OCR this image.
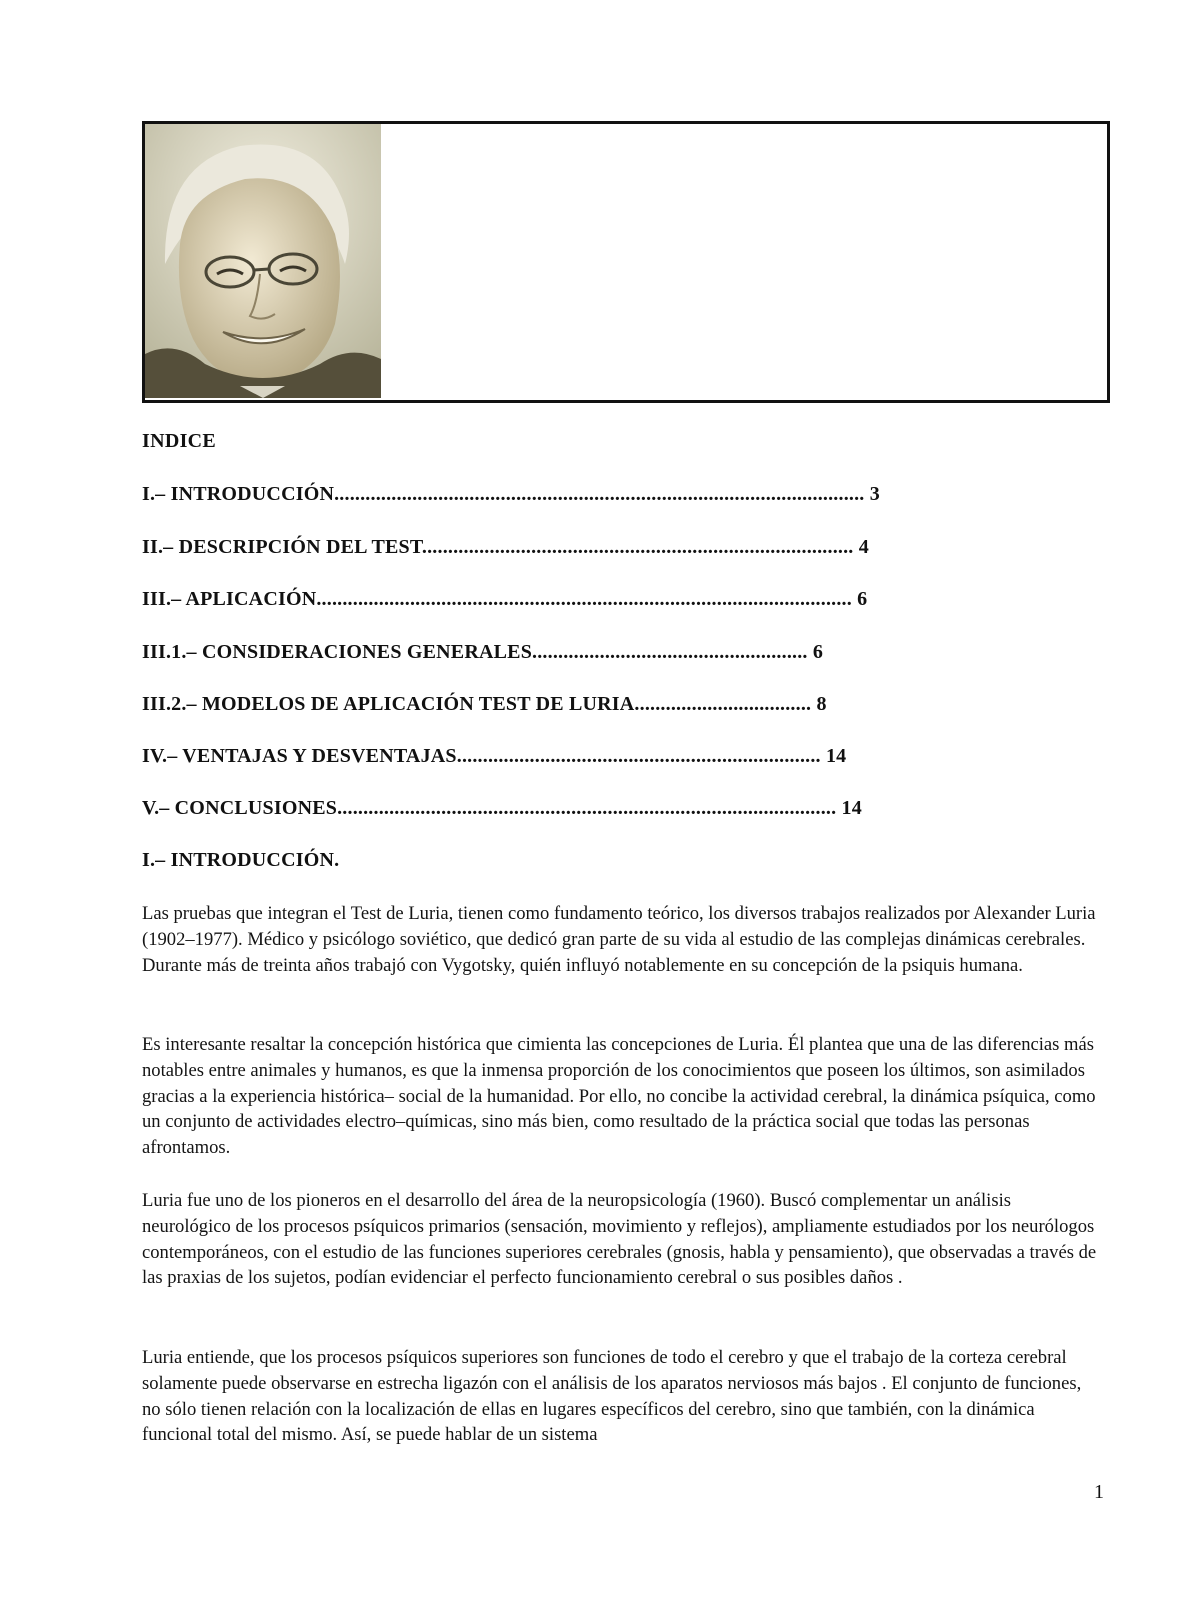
INDICE
I.– INTRODUCCIÓN...................................................................................................... 3
II.– DESCRIPCIÓN DEL TEST................................................................................... 4
III.– APLICACIÓN....................................................................................................... 6
III.1.– CONSIDERACIONES GENERALES..................................................... 6
III.2.– MODELOS DE APLICACIÓN TEST DE LURIA.................................. 8
IV.– VENTAJAS Y DESVENTAJAS...................................................................... 14
V.– CONCLUSIONES................................................................................................ 14
I.– INTRODUCCIÓN.

Las pruebas que integran el Test de Luria, tienen como fundamento teórico, los diversos trabajos realizados por Alexander Luria (1902–1977). Médico y psicólogo soviético, que dedicó gran parte de su vida al estudio de las complejas dinámicas cerebrales. Durante más de treinta años trabajó con Vygotsky, quién influyó notablemente en su concepción de la psiquis humana.

Es interesante resaltar la concepción histórica que cimienta las concepciones de Luria. Él plantea que una de las diferencias más notables entre animales y humanos, es que la inmensa proporción de los conocimientos que poseen los últimos, son asimilados gracias a la experiencia histórica– social de la humanidad. Por ello, no concibe la actividad cerebral, la dinámica psíquica, como un conjunto de actividades electro–químicas, sino más bien, como resultado de la práctica social que todas las personas afrontamos.

Luria fue uno de los pioneros en el desarrollo del área de la neuropsicología (1960). Buscó complementar un análisis neurológico de los procesos psíquicos primarios (sensación, movimiento y reflejos), ampliamente estudiados por los neurólogos contemporáneos, con el estudio de las funciones superiores cerebrales (gnosis, habla y pensamiento), que observadas a través de las praxias de los sujetos, podían evidenciar el perfecto funcionamiento cerebral o sus posibles daños .

Luria entiende, que los procesos psíquicos superiores son funciones de todo el cerebro y que el trabajo de la corteza cerebral solamente puede observarse en estrecha ligazón con el análisis de los aparatos nerviosos más bajos . El conjunto de funciones, no sólo tienen relación con la localización de ellas en lugares específicos del cerebro, sino que también, con la dinámica funcional total del mismo. Así, se puede hablar de un sistema

1
